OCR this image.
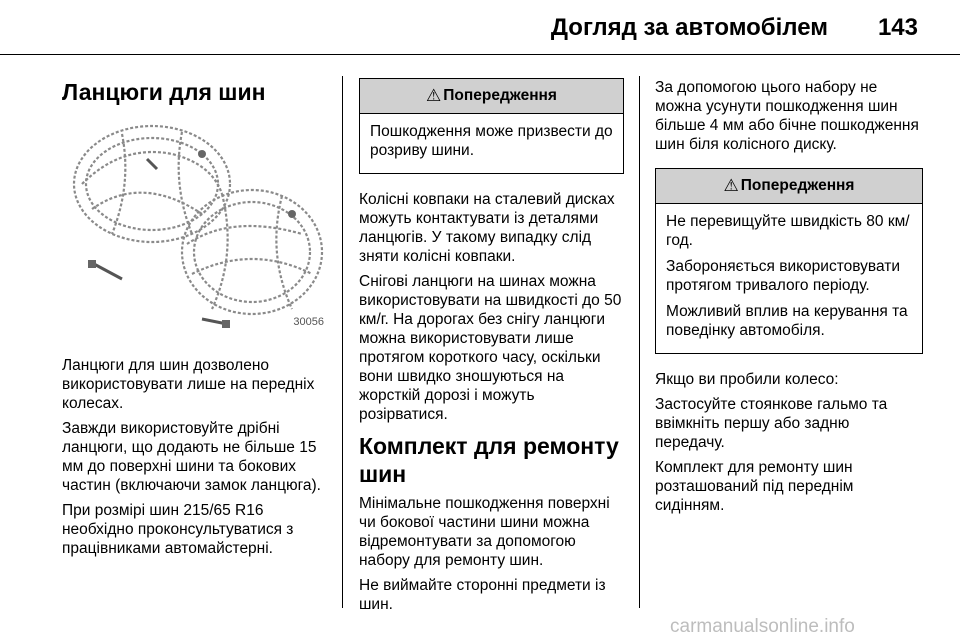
Догляд за автомобілем 143
Ланцюги для шин
30056

Ланцюги для шин дозволено використовувати лише на передніх колесах.

Завжди використовуйте дрібні ланцюги, що додають не більше 15 мм до поверхні шини та бокових частин (включаючи замок ланцюга).

При розмірі шин 215/65 R16 необхідно проконсультуватися з працівниками автомайстерні.

⚠ Попередження

Пошкодження може призвести до розриву шини.

Колісні ковпаки на сталевий дисках можуть контактувати із деталями ланцюгів. У такому випадку слід зняти колісні ковпаки.

Снігові ланцюги на шинах можна використовувати на швидкості до 50 км/г. На дорогах без снігу ланцюги можна використовувати лише протягом короткого часу, оскільки вони швидко зношуються на жорсткій дорозі і можуть розірватися.

Комплект для ремонту шин

Мінімальне пошкодження поверхні чи бокової частини шини можна відремонтувати за допомогою набору для ремонту шин.

Не виймайте сторонні предмети із шин.

За допомогою цього набору не можна усунути пошкодження шин більше 4 мм або бічне пошкодження шин біля колісного диску.

⚠ Попередження

Не перевищуйте швидкість 80 км/год.

Забороняється використовувати протягом тривалого періоду.

Можливий вплив на керування та поведінку автомобіля.

Якщо ви пробили колесо:

Застосуйте стоянкове гальмо та ввімкніть першу або задню передачу.

Комплект для ремонту шин розташований під переднім сидінням.

carmanualsonline.info
